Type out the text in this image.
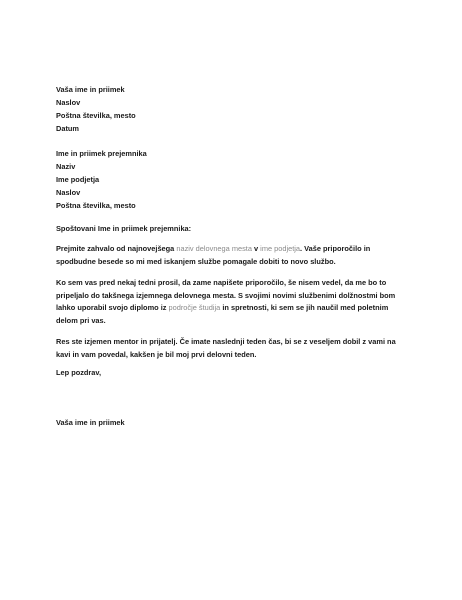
Vaša ime in priimek
Naslov
Poštna številka, mesto
Datum
Ime in priimek prejemnika
Naziv
Ime podjetja
Naslov
Poštna številka, mesto
Spoštovani Ime in priimek prejemnika:
Prejmite zahvalo od najnovejšega naziv delovnega mesta v ime podjetja. Vaše priporočilo in spodbudne besede so mi med iskanjem službe pomagale dobiti to novo službo.
Ko sem vas pred nekaj tedni prosil, da zame napišete priporočilo, še nisem vedel, da me bo to pripeljalo do takšnega izjemnega delovnega mesta. S svojimi novimi službenimi dolžnostmi bom lahko uporabil svojo diplomo iz področje študija in spretnosti, ki sem se jih naučil med poletnim delom pri vas.
Res ste izjemen mentor in prijatelj. Če imate naslednji teden čas, bi se z veseljem dobil z vami na kavi in vam povedal, kakšen je bil moj prvi delovni teden.
Lep pozdrav,
Vaša ime in priimek
